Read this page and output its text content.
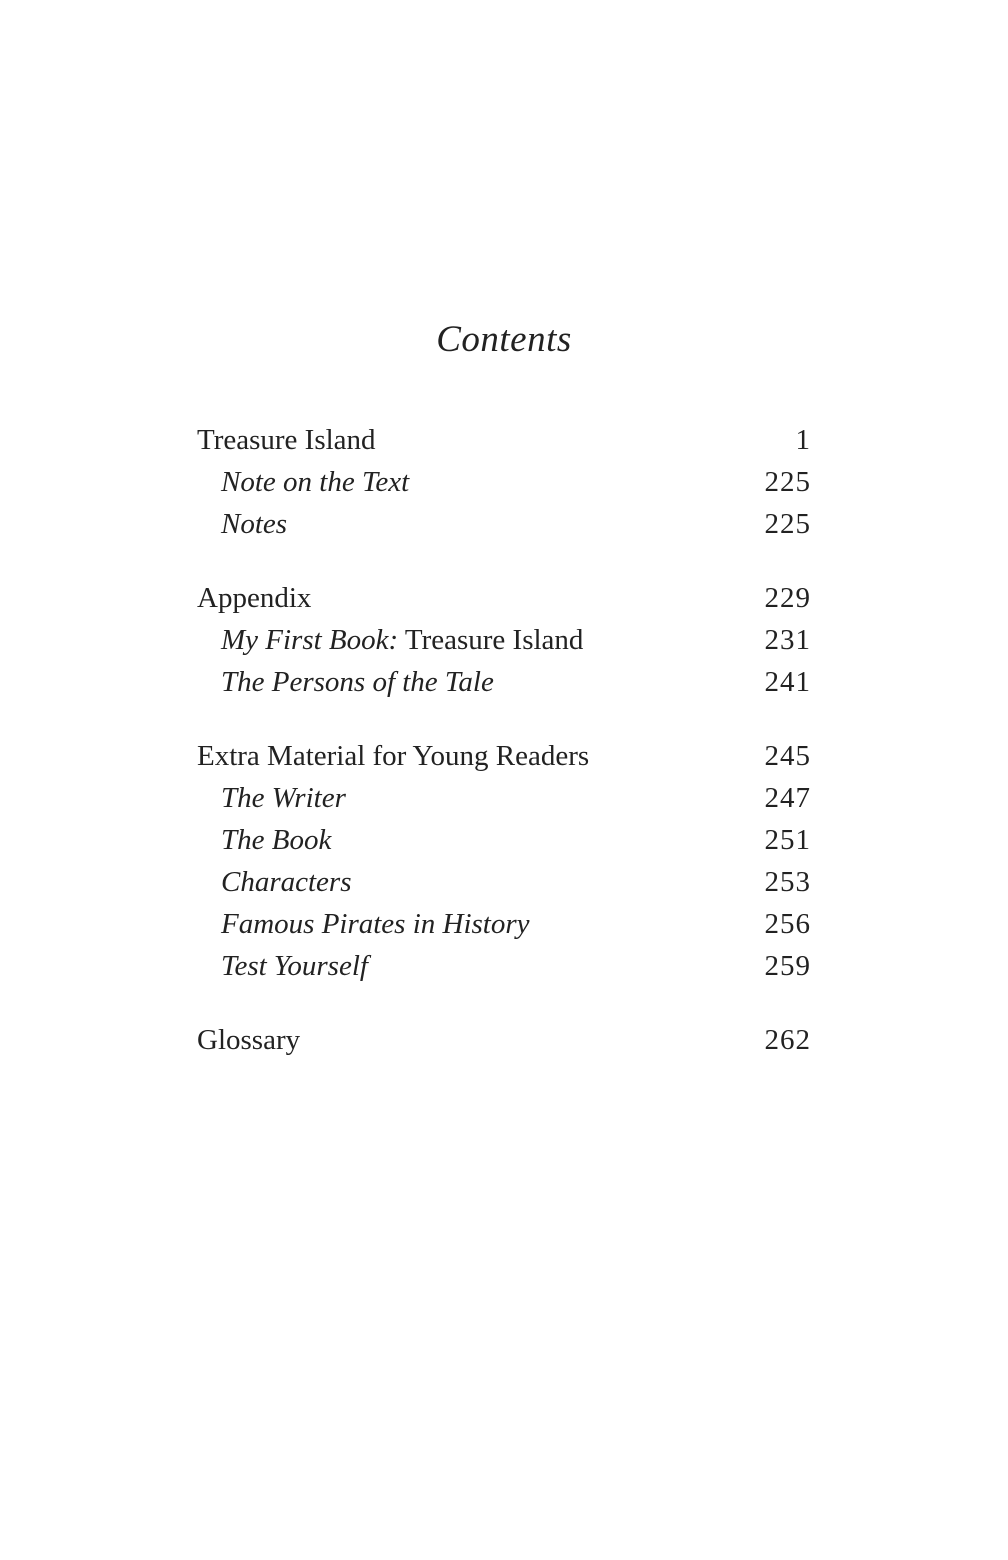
Contents
Treasure Island	1
Note on the Text	225
Notes	225
Appendix	229
My First Book: Treasure Island	231
The Persons of the Tale	241
Extra Material for Young Readers	245
The Writer	247
The Book	251
Characters	253
Famous Pirates in History	256
Test Yourself	259
Glossary	262
